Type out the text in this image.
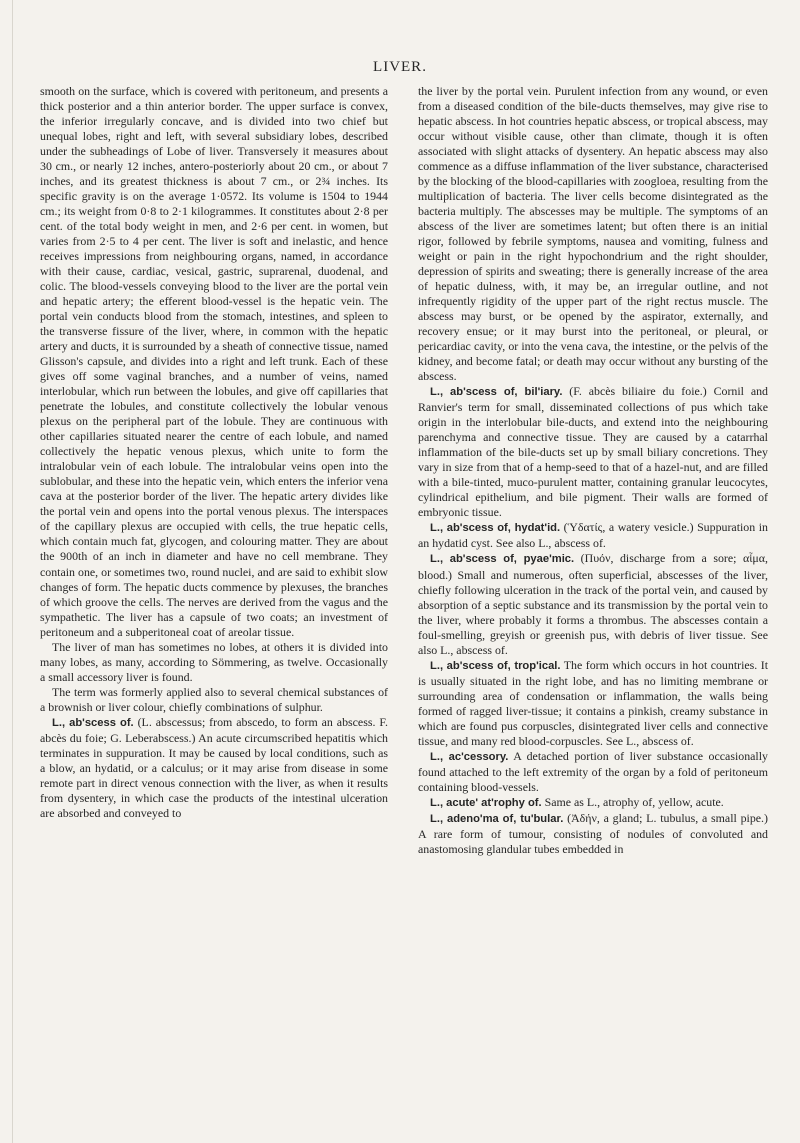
LIVER.

smooth on the surface, which is covered with peritoneum, and presents a thick posterior and a thin anterior border. The upper surface is convex, the inferior irregularly concave, and is divided into two chief but unequal lobes, right and left, with several subsidiary lobes, described under the subheadings of Lobe of liver. Transversely it measures about 30 cm., or nearly 12 inches, antero-posteriorly about 20 cm., or about 7 inches, and its greatest thickness is about 7 cm., or 2¾ inches. Its specific gravity is on the average 1·0572. Its volume is 1504 to 1944 cm.; its weight from 0·8 to 2·1 kilogrammes. It constitutes about 2·8 per cent. of the total body weight in men, and 2·6 per cent. in women, but varies from 2·5 to 4 per cent. The liver is soft and inelastic, and hence receives impressions from neighbouring organs, named, in accordance with their cause, cardiac, vesical, gastric, suprarenal, duodenal, and colic. The blood-vessels conveying blood to the liver are the portal vein and hepatic artery; the efferent blood-vessel is the hepatic vein. The portal vein conducts blood from the stomach, intestines, and spleen to the transverse fissure of the liver, where, in common with the hepatic artery and ducts, it is surrounded by a sheath of connective tissue, named Glisson's capsule, and divides into a right and left trunk. Each of these gives off some vaginal branches, and a number of veins, named interlobular, which run between the lobules, and give off capillaries that penetrate the lobules, and constitute collectively the lobular venous plexus on the peripheral part of the lobule. They are continuous with other capillaries situated nearer the centre of each lobule, and named collectively the hepatic venous plexus, which unite to form the intralobular vein of each lobule. The intralobular veins open into the sublobular, and these into the hepatic vein, which enters the inferior vena cava at the posterior border of the liver. The hepatic artery divides like the portal vein and opens into the portal venous plexus. The interspaces of the capillary plexus are occupied with cells, the true hepatic cells, which contain much fat, glycogen, and colouring matter. They are about the 900th of an inch in diameter and have no cell membrane. They contain one, or sometimes two, round nuclei, and are said to exhibit slow changes of form. The hepatic ducts commence by plexuses, the branches of which groove the cells. The nerves are derived from the vagus and the sympathetic. The liver has a capsule of two coats; an investment of peritoneum and a subperitoneal coat of areolar tissue.

The liver of man has sometimes no lobes, at others it is divided into many lobes, as many, according to Sömmering, as twelve. Occasionally a small accessory liver is found.

The term was formerly applied also to several chemical substances of a brownish or liver colour, chiefly combinations of sulphur.

L., ab'scess of. (L. abscessus; from abscedo, to form an abscess. F. abcès du foie; G. Leberabscess.) An acute circumscribed hepatitis which terminates in suppuration. It may be caused by local conditions, such as a blow, an hydatid, or a calculus; or it may arise from disease in some remote part in direct venous connection with the liver, as when it results from dysentery, in which case the products of the intestinal ulceration are absorbed and conveyed to

the liver by the portal vein. Purulent infection from any wound, or even from a diseased condition of the bile-ducts themselves, may give rise to hepatic abscess. In hot countries hepatic abscess, or tropical abscess, may occur without visible cause, other than climate, though it is often associated with slight attacks of dysentery. An hepatic abscess may also commence as a diffuse inflammation of the liver substance, characterised by the blocking of the blood-capillaries with zoogloea, resulting from the multiplication of bacteria. The liver cells become disintegrated as the bacteria multiply. The abscesses may be multiple. The symptoms of an abscess of the liver are sometimes latent; but often there is an initial rigor, followed by febrile symptoms, nausea and vomiting, fulness and weight or pain in the right hypochondrium and the right shoulder, depression of spirits and sweating; there is generally increase of the area of hepatic dulness, with, it may be, an irregular outline, and not infrequently rigidity of the upper part of the right rectus muscle. The abscess may burst, or be opened by the aspirator, externally, and recovery ensue; or it may burst into the peritoneal, or pleural, or pericardiac cavity, or into the vena cava, the intestine, or the pelvis of the kidney, and become fatal; or death may occur without any bursting of the abscess.

L., ab'scess of, bil'iary. (F. abcès biliaire du foie.) Cornil and Ranvier's term for small, disseminated collections of pus which take origin in the interlobular bile-ducts, and extend into the neighbouring parenchyma and connective tissue. They are caused by a catarrhal inflammation of the bile-ducts set up by small biliary concretions. They vary in size from that of a hemp-seed to that of a hazel-nut, and are filled with a bile-tinted, muco-purulent matter, containing granular leucocytes, cylindrical epithelium, and bile pigment. Their walls are formed of embryonic tissue.

L., ab'scess of, hydat'id. (Ὑδατίς, a watery vesicle.) Suppuration in an hydatid cyst. See also L., abscess of.

L., ab'scess of, pyae'mic. (Πυόν, discharge from a sore; αἷμα, blood.) Small and numerous, often superficial, abscesses of the liver, chiefly following ulceration in the track of the portal vein, and caused by absorption of a septic substance and its transmission by the portal vein to the liver, where probably it forms a thrombus. The abscesses contain a foul-smelling, greyish or greenish pus, with debris of liver tissue. See also L., abscess of.

L., ab'scess of, trop'ical. The form which occurs in hot countries. It is usually situated in the right lobe, and has no limiting membrane or surrounding area of condensation or inflammation, the walls being formed of ragged liver-tissue; it contains a pinkish, creamy substance in which are found pus corpuscles, disintegrated liver cells and connective tissue, and many red blood-corpuscles. See L., abscess of.

L., ac'cessory. A detached portion of liver substance occasionally found attached to the left extremity of the organ by a fold of peritoneum containing blood-vessels.

L., acute' at'rophy of. Same as L., atrophy of, yellow, acute.

L., adeno'ma of, tu'bular. (Ἀδήν, a gland; L. tubulus, a small pipe.) A rare form of tumour, consisting of nodules of convoluted and anastomosing glandular tubes embedded in
